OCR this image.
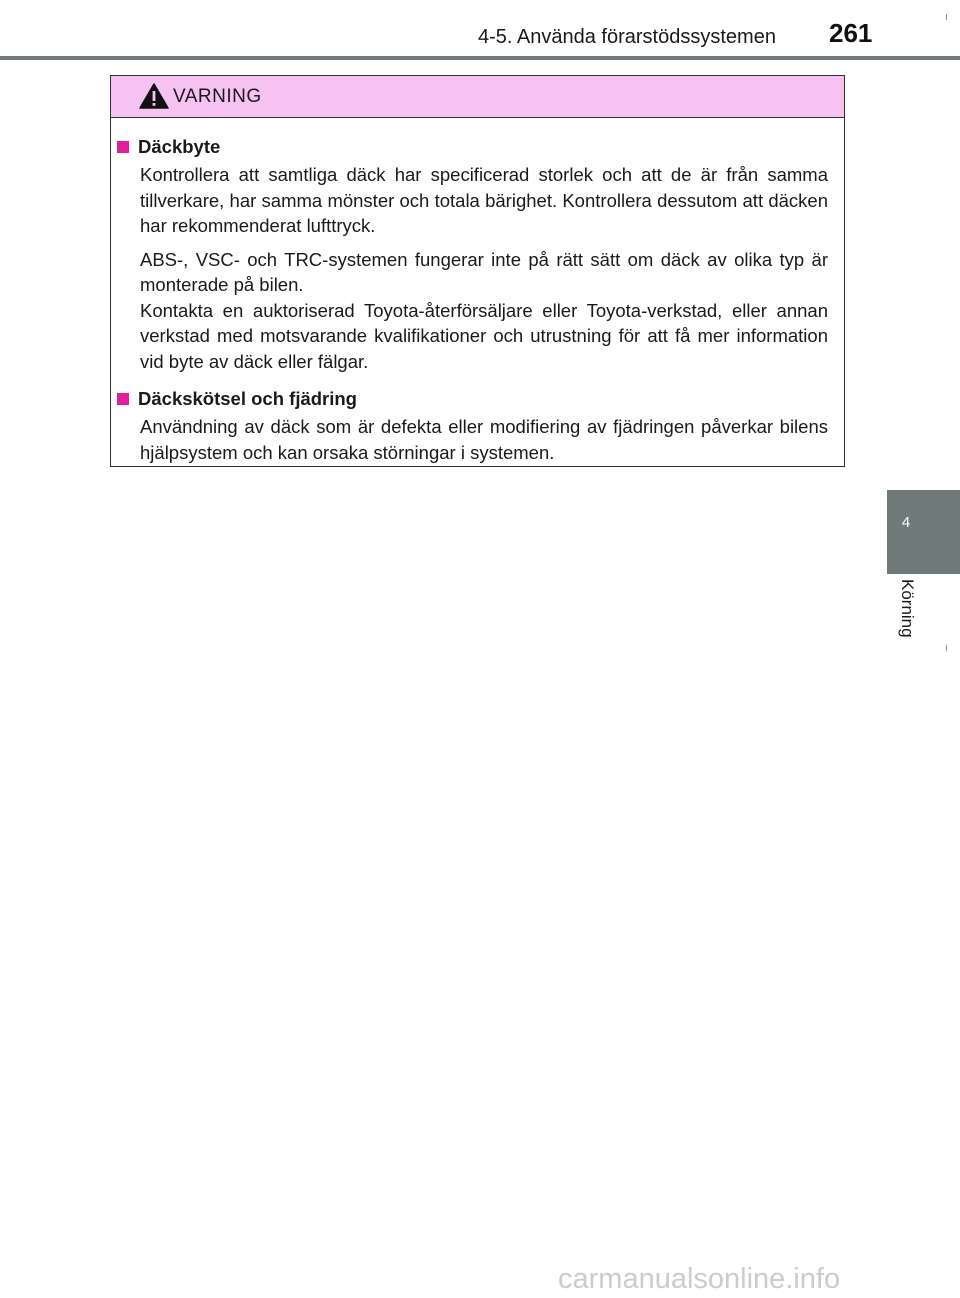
4-5. Använda förarstödssystemen 261
4
Körning
VARNING
Däckbyte

Kontrollera att samtliga däck har specificerad storlek och att de är från samma tillverkare, har samma mönster och totala bärighet. Kontrollera dessutom att däcken har rekommenderat lufttryck.

ABS-, VSC- och TRC-systemen fungerar inte på rätt sätt om däck av olika typ är monterade på bilen.

Kontakta en auktoriserad Toyota-återförsäljare eller Toyota-verkstad, eller annan verkstad med motsvarande kvalifikationer och utrustning för att få mer information vid byte av däck eller fälgar.

Däckskötsel och fjädring

Användning av däck som är defekta eller modifiering av fjädringen påverkar bilens hjälpsystem och kan orsaka störningar i systemen.

carmanualsonline.info
